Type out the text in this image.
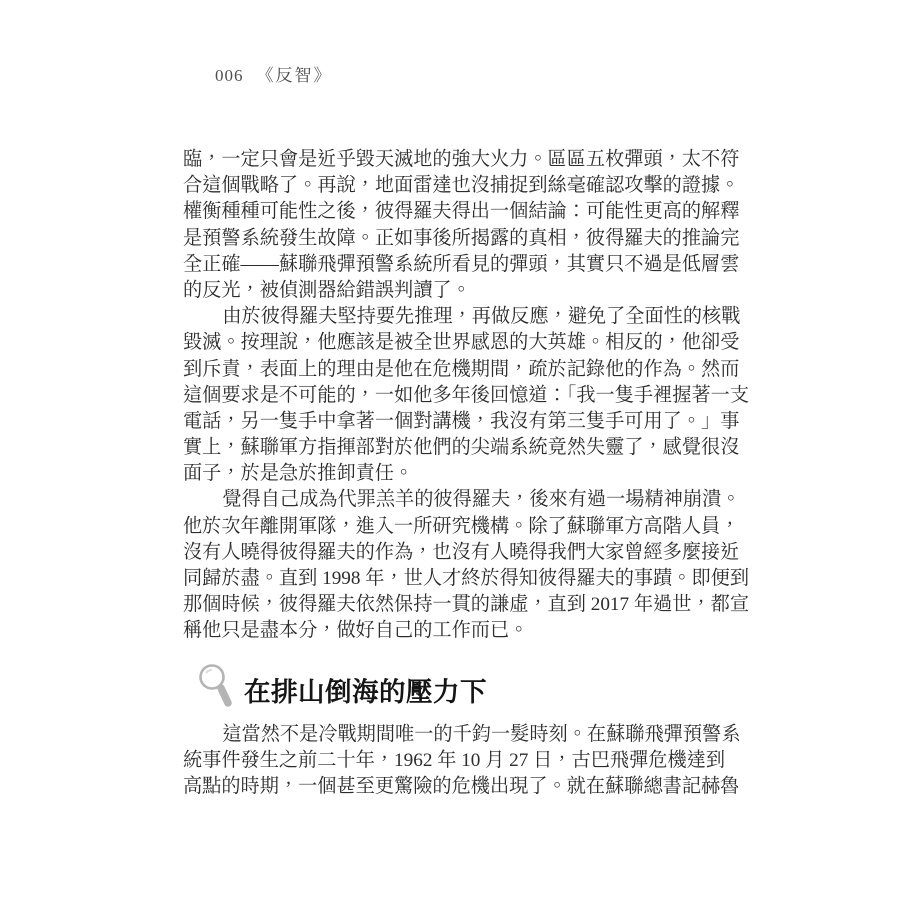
006 《反智》
臨，一定只會是近乎毀天滅地的強大火力。區區五枚彈頭，太不符
合這個戰略了。再說，地面雷達也沒捕捉到絲毫確認攻擊的證據。
權衡種種可能性之後，彼得羅夫得出一個結論：可能性更高的解釋
是預警系統發生故障。正如事後所揭露的真相，彼得羅夫的推論完
全正確——蘇聯飛彈預警系統所看見的彈頭，其實只不過是低層雲
的反光，被偵測器給錯誤判讀了。
由於彼得羅夫堅持要先推理，再做反應，避免了全面性的核戰
毀滅。按理說，他應該是被全世界感恩的大英雄。相反的，他卻受
到斥責，表面上的理由是他在危機期間，疏於記錄他的作為。然而
這個要求是不可能的，一如他多年後回憶道：「我一隻手裡握著一支
電話，另一隻手中拿著一個對講機，我沒有第三隻手可用了。」事
實上，蘇聯軍方指揮部對於他們的尖端系統竟然失靈了，感覺很沒
面子，於是急於推卸責任。
覺得自己成為代罪羔羊的彼得羅夫，後來有過一場精神崩潰。
他於次年離開軍隊，進入一所研究機構。除了蘇聯軍方高階人員，
沒有人曉得彼得羅夫的作為，也沒有人曉得我們大家曾經多麼接近
同歸於盡。直到 1998 年，世人才終於得知彼得羅夫的事蹟。即便到
那個時候，彼得羅夫依然保持一貫的謙虛，直到 2017 年過世，都宣
稱他只是盡本分，做好自己的工作而已。
在排山倒海的壓力下
這當然不是冷戰期間唯一的千鈞一髮時刻。在蘇聯飛彈預警系
統事件發生之前二十年，1962 年 10 月 27 日，古巴飛彈危機達到
高點的時期，一個甚至更驚險的危機出現了。就在蘇聯總書記赫魯
